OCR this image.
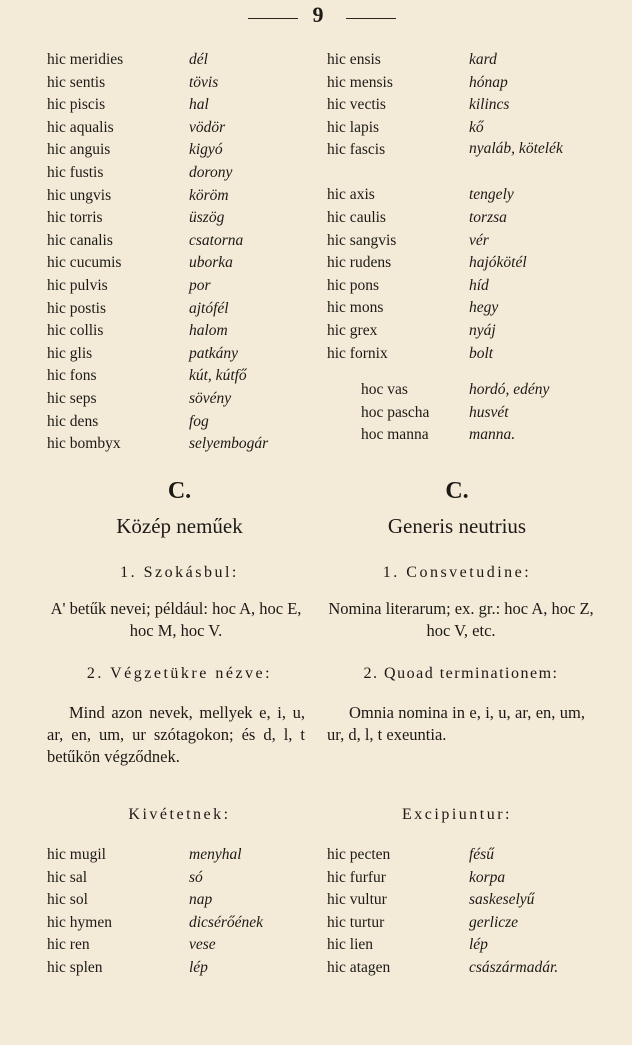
9
hic meridies	dél
hic sentis	tövis
hic piscis	hal
hic aqualis	vödör
hic anguis	kigyó
hic fustis	dorony
hic ungvis	köröm
hic torris	üszög
hic canalis	csatorna
hic cucumis	uborka
hic pulvis	por
hic postis	ajtófél
hic collis	halom
hic glis	patkány
hic fons	kút, kútfő
hic seps	sövény
hic dens	fog
hic bombyx	selyembogár
hic ensis	kard
hic mensis	hónap
hic vectis	kilincs
hic lapis	kő
hic fascis	nyaláb, kötelék
hic axis	tengely
hic caulis	torzsa
hic sangvis	vér
hic rudens	hajókötél
hic pons	híd
hic mons	hegy
hic grex	nyáj
hic fornix	bolt
hoc vas	hordó, edény
hoc pascha	husvét
hoc manna	manna.
C.
Közép neműek
1. Szokásbul:
A' betűk nevei; például: hoc A, hoc E, hoc M, hoc V.
2. Végzetükre nézve:
Mind azon nevek, mellyek e, i, u, ar, en, um, ur szótagokon; és d, l, t betűkön végződnek.
Kivétetnek:
C.
Generis neutrius
1. Consvetudine:
Nomina literarum; ex. gr.: hoc A, hoc Z, hoc V, etc.
2. Quoad terminationem:
Omnia nomina in e, i, u, ar, en, um, ur, d, l, t exeuntia.
Excipiuntur:
hic mugil	menyhal
hic sal	só
hic sol	nap
hic hymen	dicsérőének
hic ren	vese
hic splen	lép
hic pecten	fésű
hic furfur	korpa
hic vultur	saskeselyű
hic turtur	gerlicze
hic lien	lép
hic atagen	császármadár.
